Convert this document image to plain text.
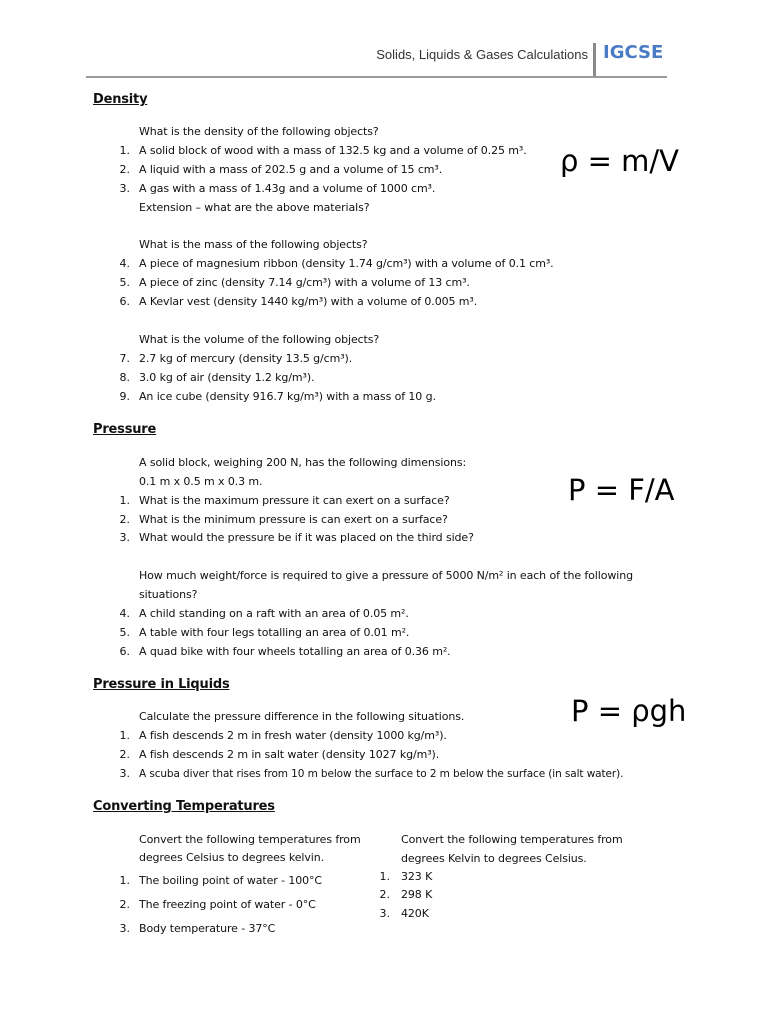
Solids, Liquids & Gases Calculations IGCSE
Density
ρ = m/V
What is the density of the following objects?
1. A solid block of wood with a mass of 132.5 kg and a volume of 0.25 m³.
2. A liquid with a mass of 202.5 g and a volume of 15 cm³.
3. A gas with a mass of 1.43g and a volume of 1000 cm³.
Extension – what are the above materials?
What is the mass of the following objects?
4. A piece of magnesium ribbon (density 1.74 g/cm³) with a volume of 0.1 cm³.
5. A piece of zinc (density 7.14 g/cm³) with a volume of 13 cm³.
6. A Kevlar vest (density 1440 kg/m³) with a volume of 0.005 m³.
What is the volume of the following objects?
7. 2.7 kg of mercury (density 13.5 g/cm³).
8. 3.0 kg of air (density 1.2 kg/m³).
9. An ice cube (density 916.7 kg/m³) with a mass of 10 g.
Pressure
P = F/A
A solid block, weighing 200 N, has the following dimensions:
0.1 m x 0.5 m x 0.3 m.
1. What is the maximum pressure it can exert on a surface?
2. What is the minimum pressure is can exert on a surface?
3. What would the pressure be if it was placed on the third side?
How much weight/force is required to give a pressure of 5000 N/m² in each of the following
situations?
4. A child standing on a raft with an area of 0.05 m².
5. A table with four legs totalling an area of 0.01 m².
6. A quad bike with four wheels totalling an area of 0.36 m².
Pressure in Liquids
P = ρgh
Calculate the pressure difference in the following situations.
1. A fish descends 2 m in fresh water (density 1000 kg/m³).
2. A fish descends 2 m in salt water (density 1027 kg/m³).
3. A scuba diver that rises from 10 m below the surface to 2 m below the surface (in salt water).
Converting Temperatures
Convert the following temperatures from
degrees Celsius to degrees kelvin.
1. The boiling point of water - 100°C
2. The freezing point of water - 0°C
3. Body temperature - 37°C
Convert the following temperatures from
degrees Kelvin to degrees Celsius.
1. 323 K
2. 298 K
3. 420K
